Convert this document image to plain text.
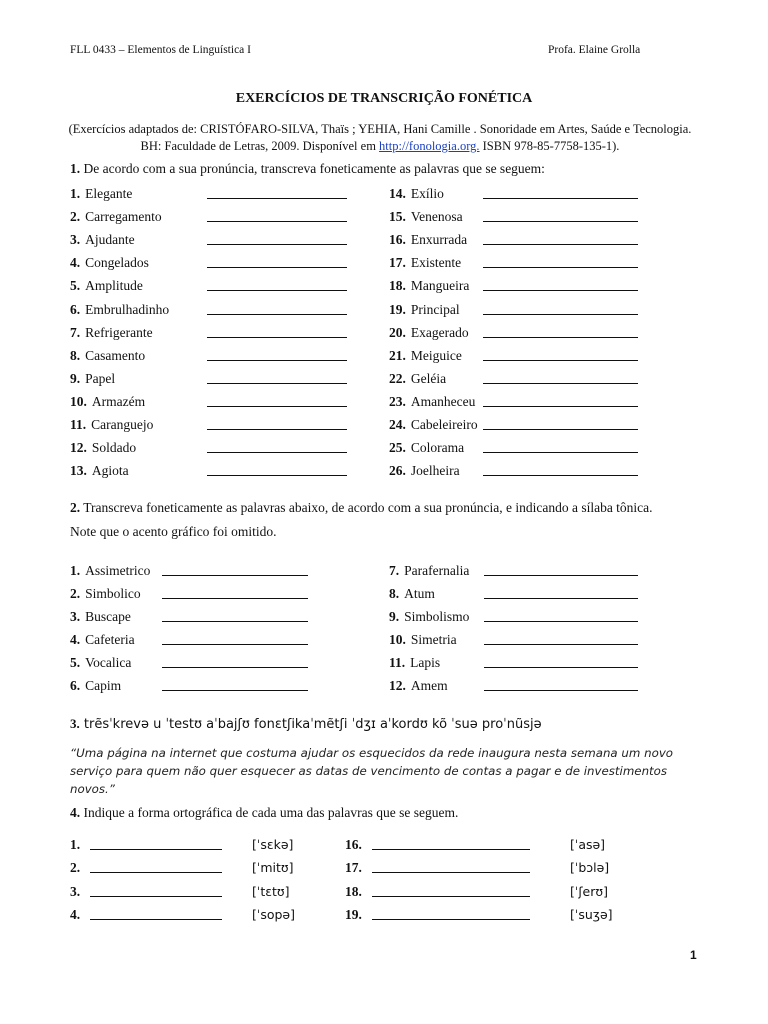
FLL 0433 – Elementos de Linguística I	Profa. Elaine Grolla
EXERCÍCIOS DE TRANSCRIÇÃO FONÉTICA
(Exercícios adaptados de: CRISTÓFARO-SILVA, Thaïs ; YEHIA, Hani Camille . Sonoridade em Artes, Saúde e Tecnologia. BH: Faculdade de Letras, 2009. Disponível em http://fonologia.org. ISBN 978-85-7758-135-1).
1. De acordo com a sua pronúncia, transcreva foneticamente as palavras que se seguem:
1. Elegante
2. Carregamento
3. Ajudante
4. Congelados
5. Amplitude
6. Embrulhadinho
7. Refrigerante
8. Casamento
9. Papel
10. Armazém
11. Caranguejo
12. Soldado
13. Agiota
14. Exílio
15. Venenosa
16. Enxurrada
17. Existente
18. Mangueira
19. Principal
20. Exagerado
21. Meiguice
22. Geléia
23. Amanheceu
24. Cabeleireiro
25. Colorama
26. Joelheira
2. Transcreva foneticamente as palavras abaixo, de acordo com a sua pronúncia, e indicando a sílaba tônica.
Note que o acento gráfico foi omitido.
1. Assimetrico
2. Simbolico
3. Buscape
4. Cafeteria
5. Vocalica
6. Capim
7. Parafernalia
8. Atum
9. Simbolismo
10. Simetria
11. Lapis
12. Amem
3. trẽsˈkrevə u ˈtestʊ aˈbajʃʊ fonɛtʃikaˈmẽtʃi ˈdʒɪ aˈkordʊ kõ ˈsuə proˈnũsjə
“Uma página na internet que costuma ajudar os esquecidos da rede inaugura nesta semana um novo serviço para quem não quer esquecer as datas de vencimento de contas a pagar e de investimentos novos.”
4. Indique a forma ortográfica de cada uma das palavras que se seguem.
1.	[ˈsɛkə]
2.	[ˈmitʊ]
3.	[ˈtɛtʊ]
4.	[ˈsopə]
16.	[ˈasə]
17.	[ˈbɔlə]
18.	[ˈʃerʊ]
19.	[ˈsuʒə]
1
